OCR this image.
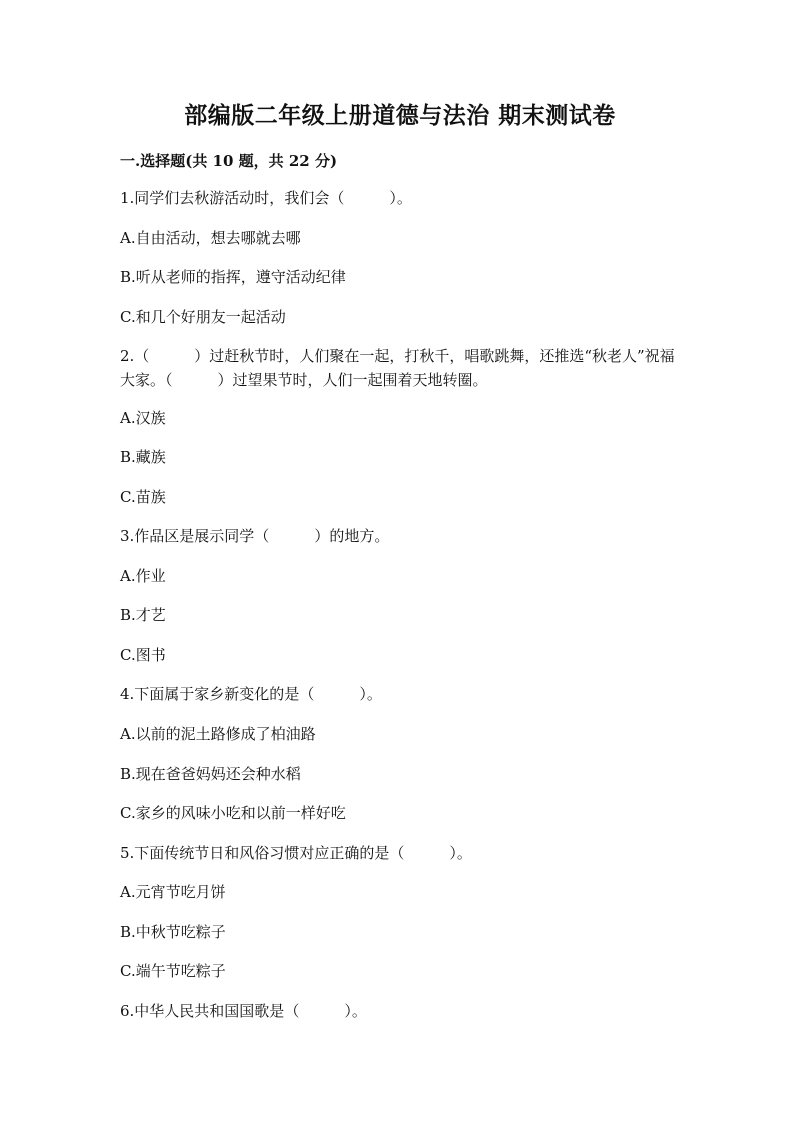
部编版二年级上册道德与法治 期末测试卷
一.选择题(共 10 题，共 22 分)
1.同学们去秋游活动时，我们会（　　　）。
A.自由活动，想去哪就去哪
B.听从老师的指挥，遵守活动纪律
C.和几个好朋友一起活动
2.（　　　）过赶秋节时，人们聚在一起，打秋千，唱歌跳舞，还推选“秋老人”祝福大家。（　　　）过望果节时，人们一起围着天地转圈。
A.汉族
B.藏族
C.苗族
3.作品区是展示同学（　　　）的地方。
A.作业
B.才艺
C.图书
4.下面属于家乡新变化的是（　　　）。
A.以前的泥土路修成了柏油路
B.现在爸爸妈妈还会种水稻
C.家乡的风味小吃和以前一样好吃
5.下面传统节日和风俗习惯对应正确的是（　　　）。
A.元宵节吃月饼
B.中秋节吃粽子
C.端午节吃粽子
6.中华人民共和国国歌是（　　　）。
